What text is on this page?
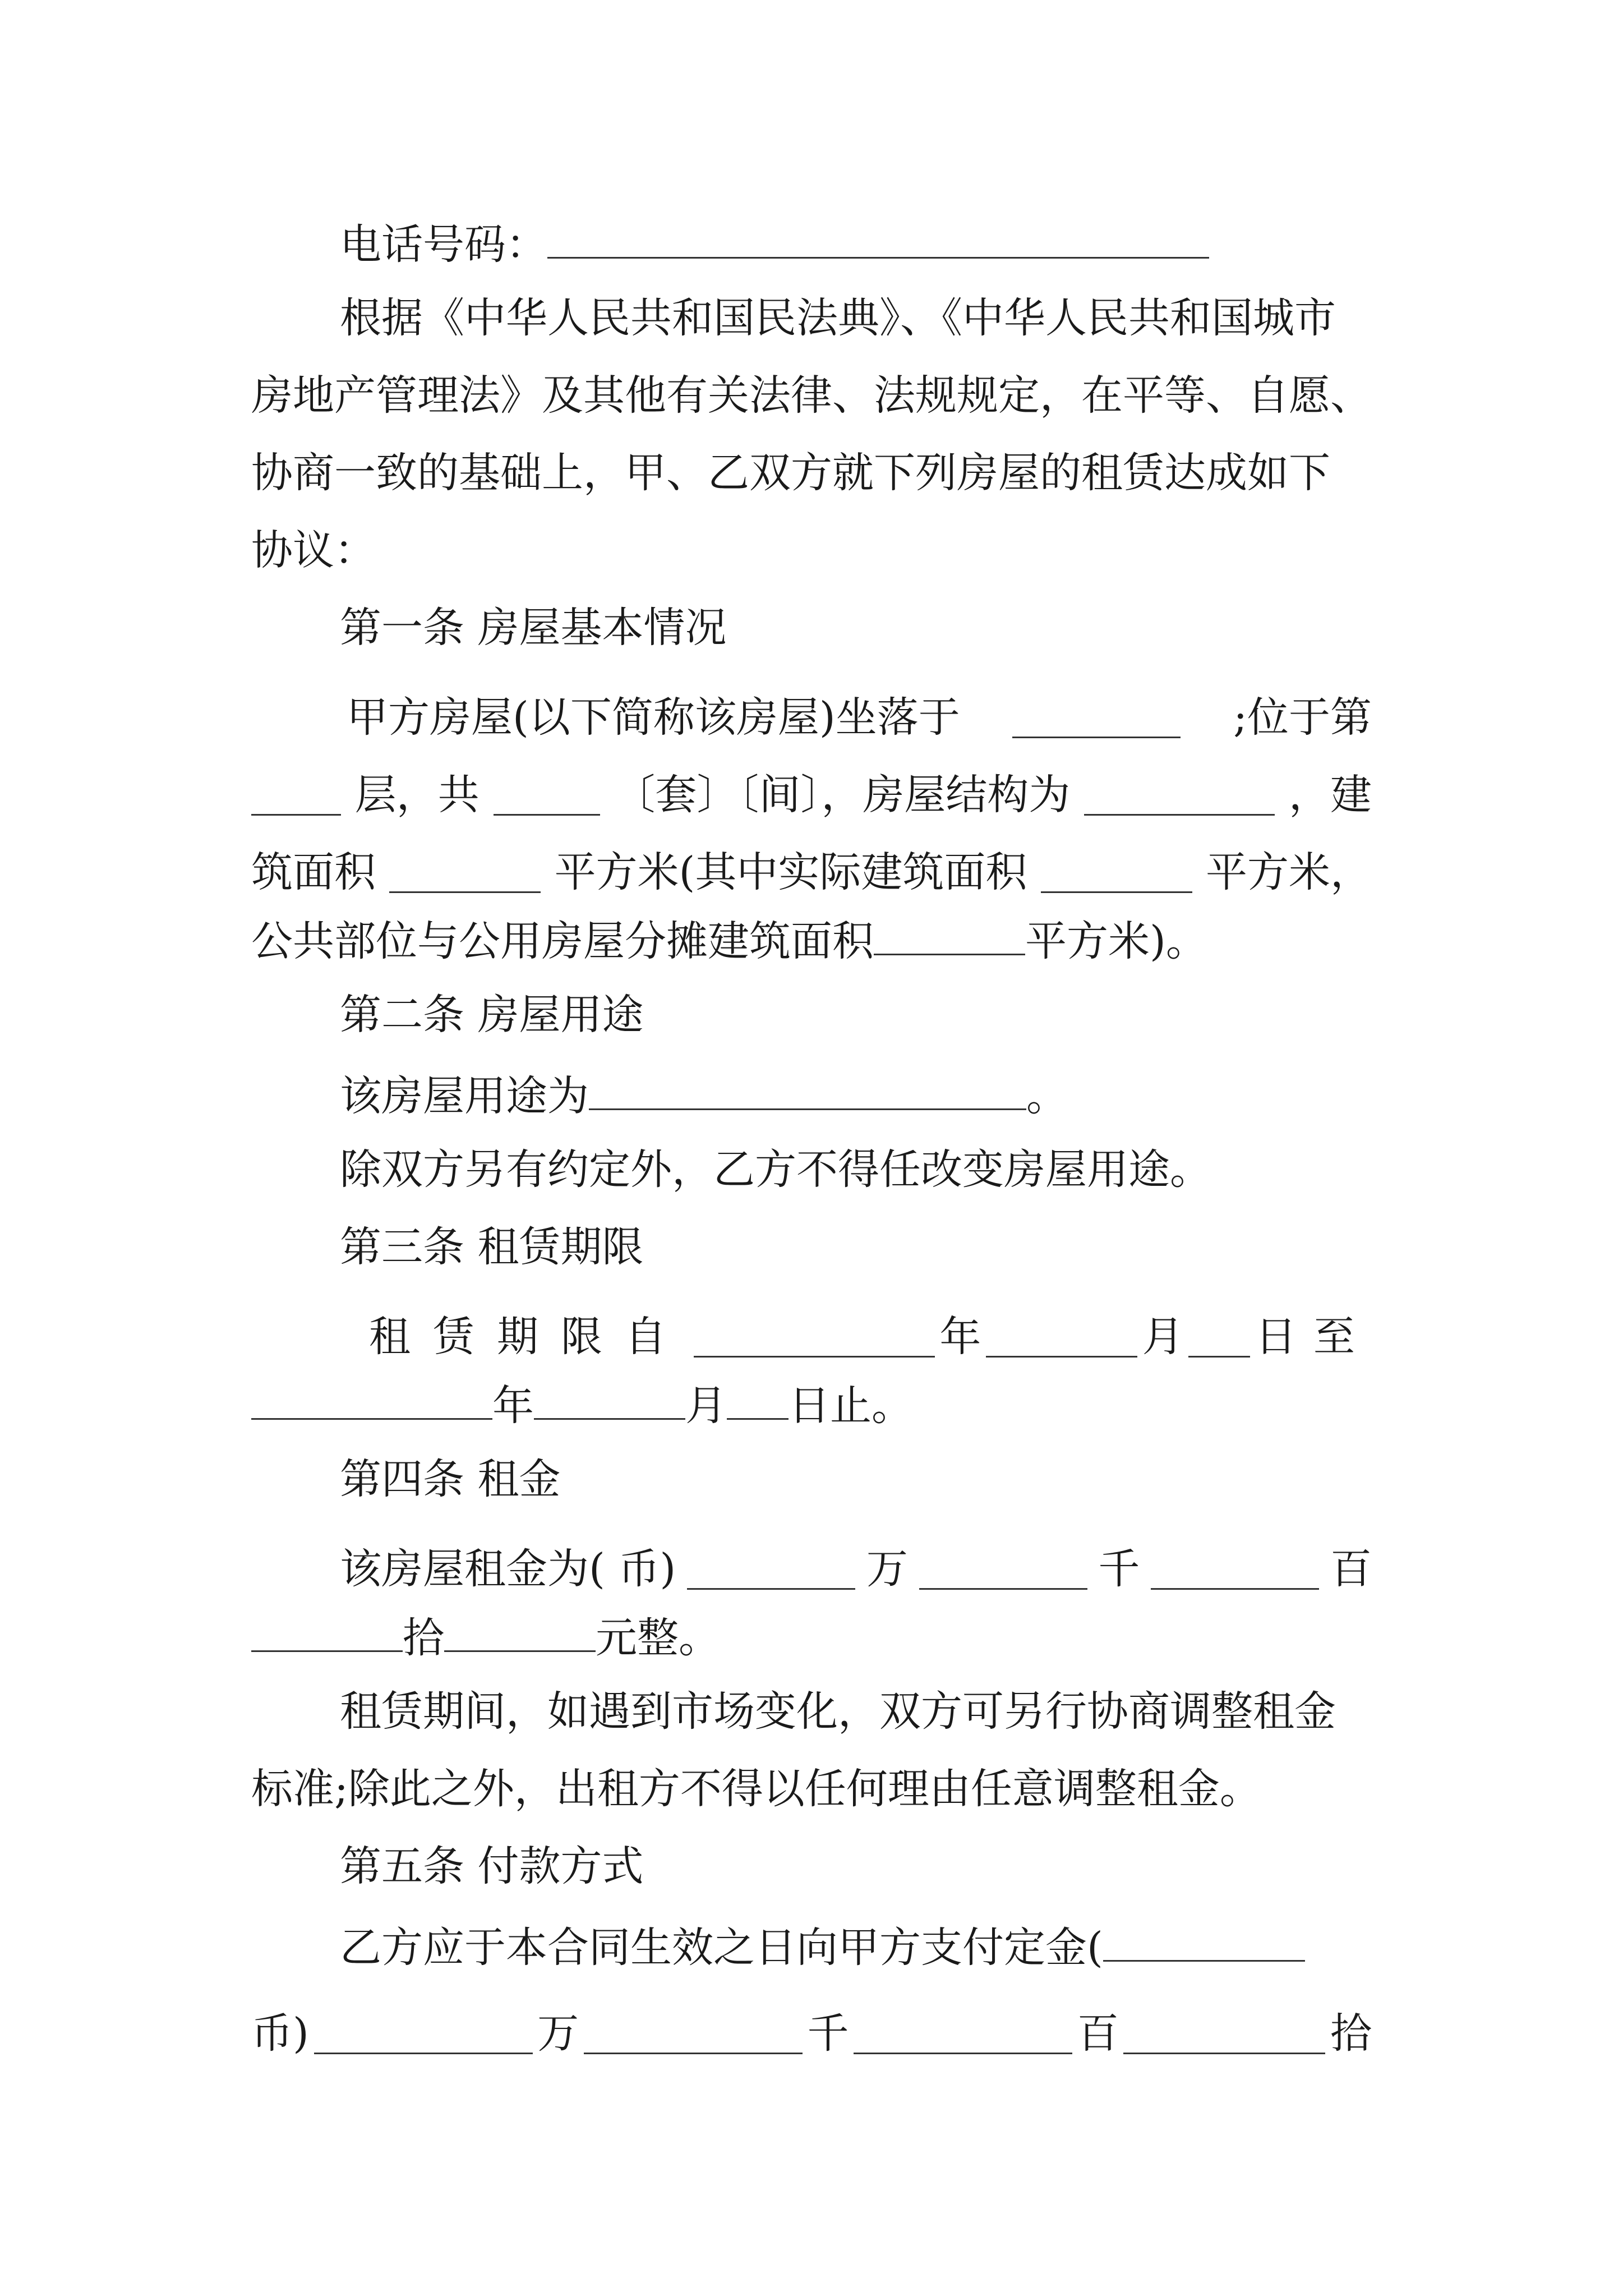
电话号码：
根据《中华人民共和国民法典》、《中华人民共和国城市
房地产管理法》及其他有关法律、法规规定，在平等、自愿、
协商一致的基础上，甲、乙双方就下列房屋的租赁达成如下
协议：
第一条 房屋基本情况
甲方房屋(以下简称该房屋)坐落于	;位于第
层，共	〔套〕〔间〕，房屋结构为	，建
筑面积	平方米(其中实际建筑面积	平方米，
公共部位与公用房屋分摊建筑面积	平方米)。
第二条 房屋用途
该房屋用途为	。
除双方另有约定外，乙方不得任改变房屋用途。
第三条 租赁期限
租赁期限自	年	月 日至
年	月 日止。
第四条 租金
该房屋租金为( 币)	万	千	百
拾	元整。
租赁期间，如遇到市场变化，双方可另行协商调整租金
标准;除此之外，出租方不得以任何理由任意调整租金。
第五条 付款方式
乙方应于本合同生效之日向甲方支付定金(
币)	万	千	百	拾
